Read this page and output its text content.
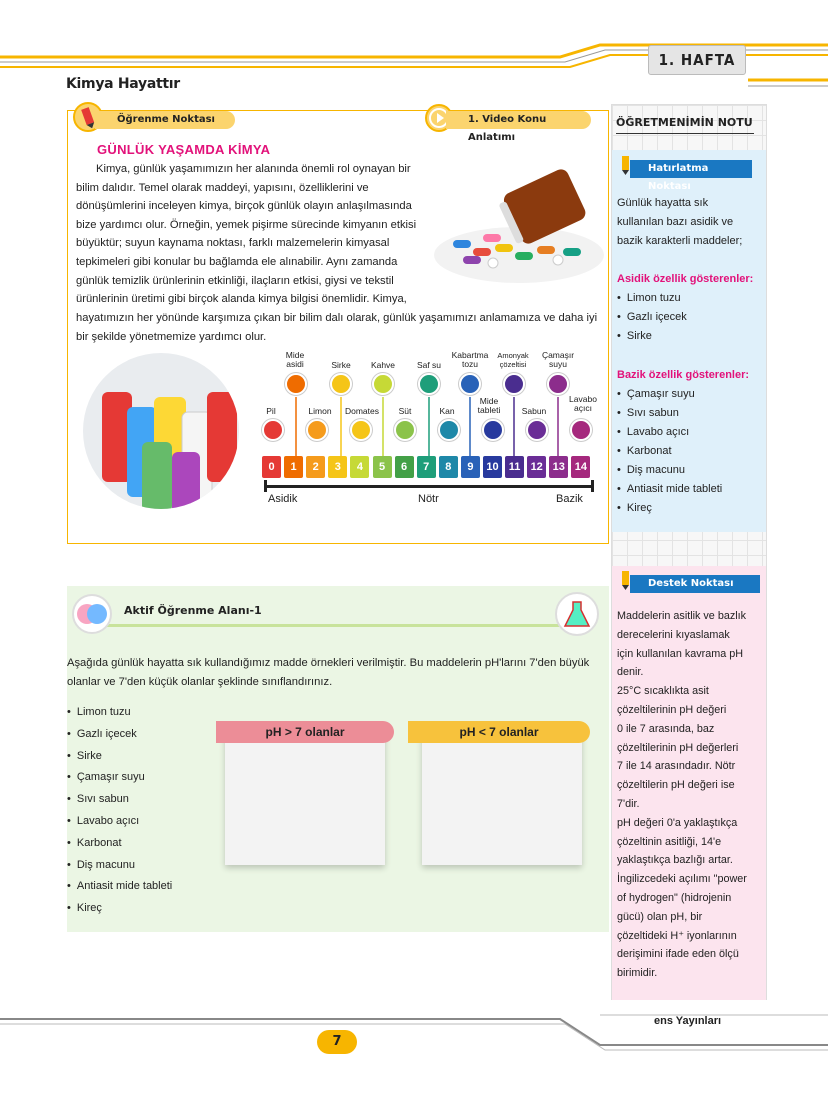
1. HAFTA
Kimya Hayattır
Öğrenme Noktası	1. Video Konu Anlatımı
GÜNLÜK YAŞAMDA KİMYA
Kimya, günlük yaşamımızın her alanında önemli rol oynayan bir
bilim dalıdır. Temel olarak maddeyi, yapısını, özelliklerini ve
dönüşümlerini inceleyen kimya, birçok günlük olayın anlaşılmasında
bize yardımcı olur. Örneğin, yemek pişirme sürecinde kimyanın etkisi
büyüktür; suyun kaynama noktası, farklı malzemelerin kimyasal
tepkimeleri gibi konular bu bağlamda ele alınabilir. Aynı zamanda
günlük temizlik ürünlerinin etkinliği, ilaçların etkisi, giysi ve tekstil
ürünlerinin üretimi gibi birçok alanda kimya bilgisi önemlidir. Kimya,
hayatımızın her yönünde karşımıza çıkan bir bilim dalı olarak, günlük yaşamımızı anlamamıza ve daha iyi bir şekilde yönetmemize yardımcı olur.
0	1	2	3	4	5	6	7	8	9	10 11 12 13 14
Asidik	Nötr	Bazik
Mide asidi	Sirke	Kahve	Saf su
Kabartma tozu
Amonyak çözeltisi
Çamaşır suyu
Pil	Limon	Domates	Süt	Kan
Mide tableti	Sabun
Lavabo açıcı
ÖĞRETMENİMİN NOTU
Hatırlatma Noktası
Günlük hayatta sık
kullanılan bazı asidik ve
bazik karakterli maddeler;
Asidik özellik gösterenler:
• Limon tuzu
• Gazlı içecek
• Sirke
Bazik özellik gösterenler:
• Çamaşır suyu
• Sıvı sabun
• Lavabo açıcı
• Karbonat
• Diş macunu
• Antiasit mide tableti
• Kireç
Destek Noktası
Maddelerin asitlik ve bazlık
derecelerini kıyaslamak
için kullanılan kavrama pH
denir.
25°C sıcaklıkta asit
çözeltilerinin pH değeri
0 ile 7 arasında, baz
çözeltilerinin pH değerleri
7 ile 14 arasındadır. Nötr
çözeltilerin pH değeri ise
7'dir.
pH değeri 0'a yaklaştıkça
çözeltinin asitliği, 14'e
yaklaştıkça bazlığı artar.
İngilizcedeki açılımı "power
of hydrogen" (hidrojenin
gücü) olan pH, bir
çözeltideki H⁺ iyonlarının
derişimini ifade eden ölçü
birimidir.
Aktif Öğrenme Alanı-1
Aşağıda günlük hayatta sık kullandığımız madde örnekleri verilmiştir. Bu maddelerin pH'larını 7'den büyük olanlar ve 7'den küçük olanlar şeklinde sınıflandırınız.
• Limon tuzu
• Gazlı içecek
• Sirke
• Çamaşır suyu
• Sıvı sabun
• Lavabo açıcı
• Karbonat
• Diş macunu
• Antiasit mide tableti
• Kireç
pH > 7 olanlar	pH < 7 olanlar
7
ens Yayınları
